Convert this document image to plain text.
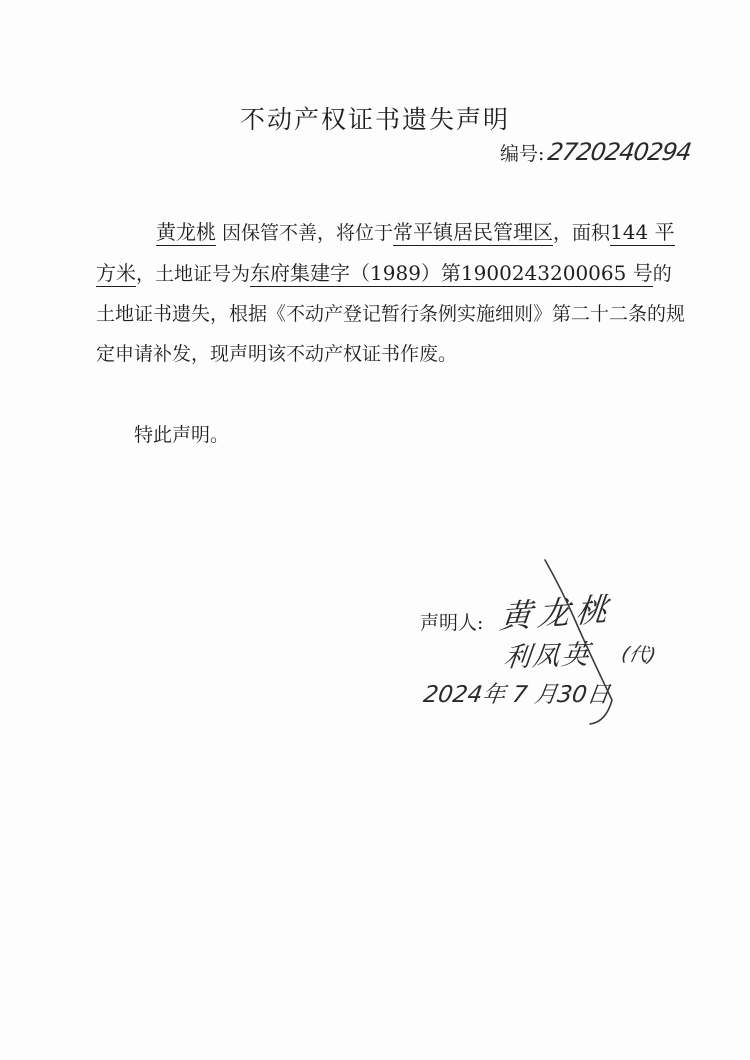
不动产权证书遗失声明
编号: 2720240294

黄龙桃 因保管不善，将位于常平镇居民管理区，面积144 平方米，土地证号为东府集建字（1989）第1900243200065 号的土地证书遗失，根据《不动产登记暂行条例实施细则》第二十二条的规定申请补发，现声明该不动产权证书作废。

特此声明。
声明人: 黄龙桃
利凤英 (代)
2024年 7 月30日
